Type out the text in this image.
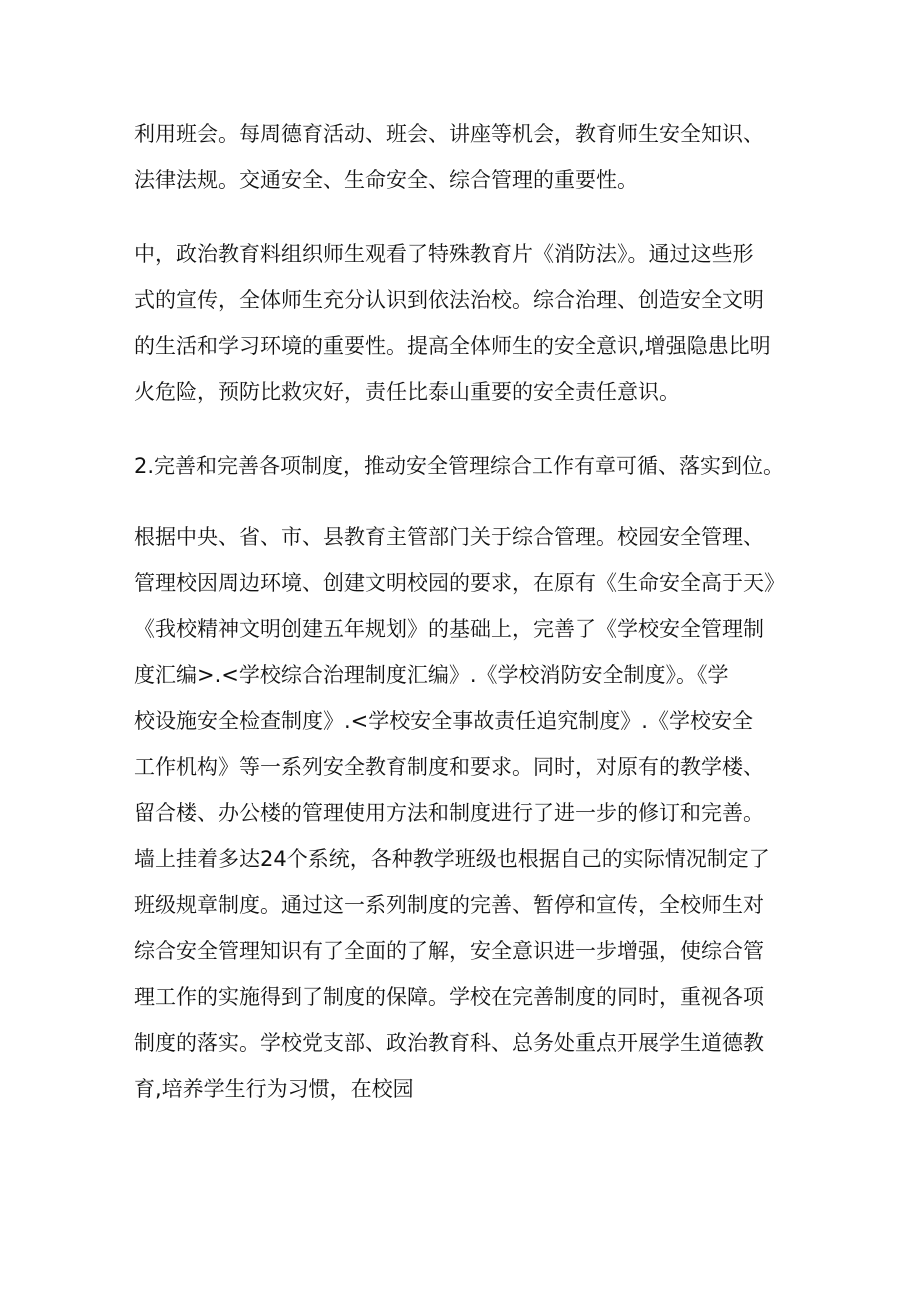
利用班会。每周德育活动、班会、讲座等机会，教育师生安全知识、
法律法规。交通安全、生命安全、综合管理的重要性。

中，政治教育料组织师生观看了特殊教育片《消防法》。通过这些形
式的宣传，全体师生充分认识到依法治校。综合治理、创造安全文明
的生活和学习环境的重要性。提高全体师生的安全意识,增强隐患比明
火危险，预防比救灾好，责任比泰山重要的安全责任意识。

2.完善和完善各项制度，推动安全管理综合工作有章可循、落实到位。

根据中央、省、市、县教育主管部门关于综合管理。校园安全管理、
管理校因周边环境、创建文明校园的要求，在原有《生命安全高于天》
《我校精神文明创建五年规划》的基础上，完善了《学校安全管理制
度汇编>.<学校综合治理制度汇编》.《学校消防安全制度》。《学
校设施安全检查制度》.<学校安全事故责任追究制度》.《学校安全
工作机构》等一系列安全教育制度和要求。同时，对原有的教学楼、
留合楼、办公楼的管理使用方法和制度进行了进一步的修订和完善。
墙上挂着多达24个系统，各种教学班级也根据自己的实际情况制定了
班级规章制度。通过这一系列制度的完善、暂停和宣传，全校师生对
综合安全管理知识有了全面的了解，安全意识进一步增强，使综合管
理工作的实施得到了制度的保障。学校在完善制度的同时，重视各项
制度的落实。学校党支部、政治教育科、总务处重点开展学生道德教
育,培养学生行为习惯，在校园
